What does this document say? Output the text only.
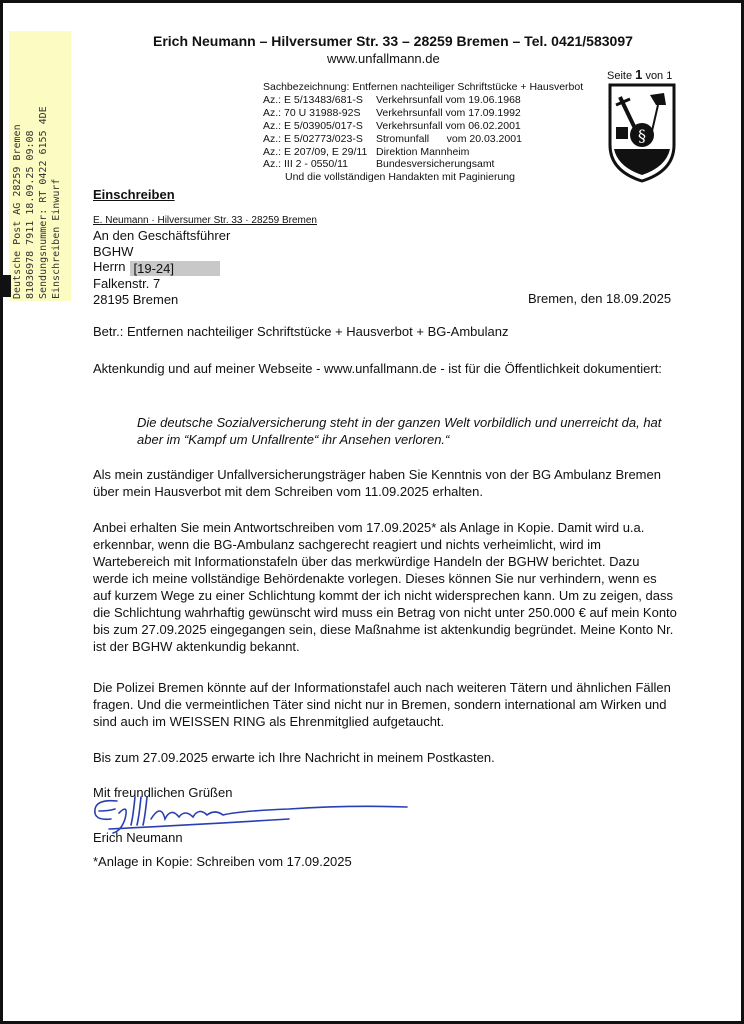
Deutsche Post AG 28259 Bremen 81036978 7911 18.09.25 09:08 Sendungsnummer: RT 0422 6155 4DE Einschreiben Einwurf
Erich Neumann – Hilversumer Str. 33 – 28259 Bremen – Tel. 0421/583097
www.unfallmann.de
Seite 1 von 1
§
Sachbezeichnung: Entfernen nachteiliger Schriftstücke + Hausverbot
Az.: E 5/13483/681-S Verkehrsunfall vom 19.06.1968
Az.: 70 U 31988-92S Verkehrsunfall vom 17.09.1992
Az.: E 5/03905/017-S Verkehrsunfall vom 06.02.2001
Az.: E 5/02773/023-S Stromunfall      vom 20.03.2001
Az.: E 207/09, E 29/11 Direktion Mannheim
Az.: III 2 - 0550/11	Bundesversicherungsamt
Und die vollständigen Handakten mit Paginierung
Einschreiben
E. Neumann · Hilversumer Str. 33 · 28259 Bremen
An den Geschäftsführer
BGHW
Herrn [19-24]
Falkenstr. 7
28195 Bremen	Bremen, den 18.09.2025
Betr.: Entfernen nachteiliger Schriftstücke + Hausverbot + BG-Ambulanz
Aktenkundig und auf meiner Webseite - www.unfallmann.de - ist für die Öffentlichkeit dokumentiert:
Die deutsche Sozialversicherung steht in der ganzen Welt vorbildlich und unerreicht da, hat aber im “Kampf um Unfallrente“ ihr Ansehen verloren.“
Als mein zuständiger Unfallversicherungsträger haben Sie Kenntnis von der BG Ambulanz Bremen über mein Hausverbot mit dem Schreiben vom 11.09.2025 erhalten.
Anbei erhalten Sie mein Antwortschreiben vom 17.09.2025* als Anlage in Kopie. Damit wird u.a. erkennbar, wenn die BG-Ambulanz sachgerecht reagiert und nichts verheimlicht, wird im Wartebereich mit Informationstafeln über das merkwürdige Handeln der BGHW berichtet. Dazu werde ich meine vollständige Behördenakte vorlegen. Dieses können Sie nur verhindern, wenn es auf kurzem Wege zu einer Schlichtung kommt der ich nicht widersprechen kann. Um zu zeigen, dass die Schlichtung wahrhaftig gewünscht wird muss ein Betrag von nicht unter 250.000 € auf mein Konto bis zum 27.09.2025 eingegangen sein, diese Maßnahme ist aktenkundig begründet. Meine Konto Nr. ist der BGHW aktenkundig bekannt.
Die Polizei Bremen könnte auf der Informationstafel auch nach weiteren Tätern und ähnlichen Fällen fragen. Und die vermeintlichen Täter sind nicht nur in Bremen, sondern international am Wirken und sind auch im WEISSEN RING als Ehrenmitglied aufgetaucht.
Bis zum 27.09.2025 erwarte ich Ihre Nachricht in meinem Postkasten.
Mit freundlichen Grüßen
Erich Neumann
*Anlage in Kopie: Schreiben vom 17.09.2025
